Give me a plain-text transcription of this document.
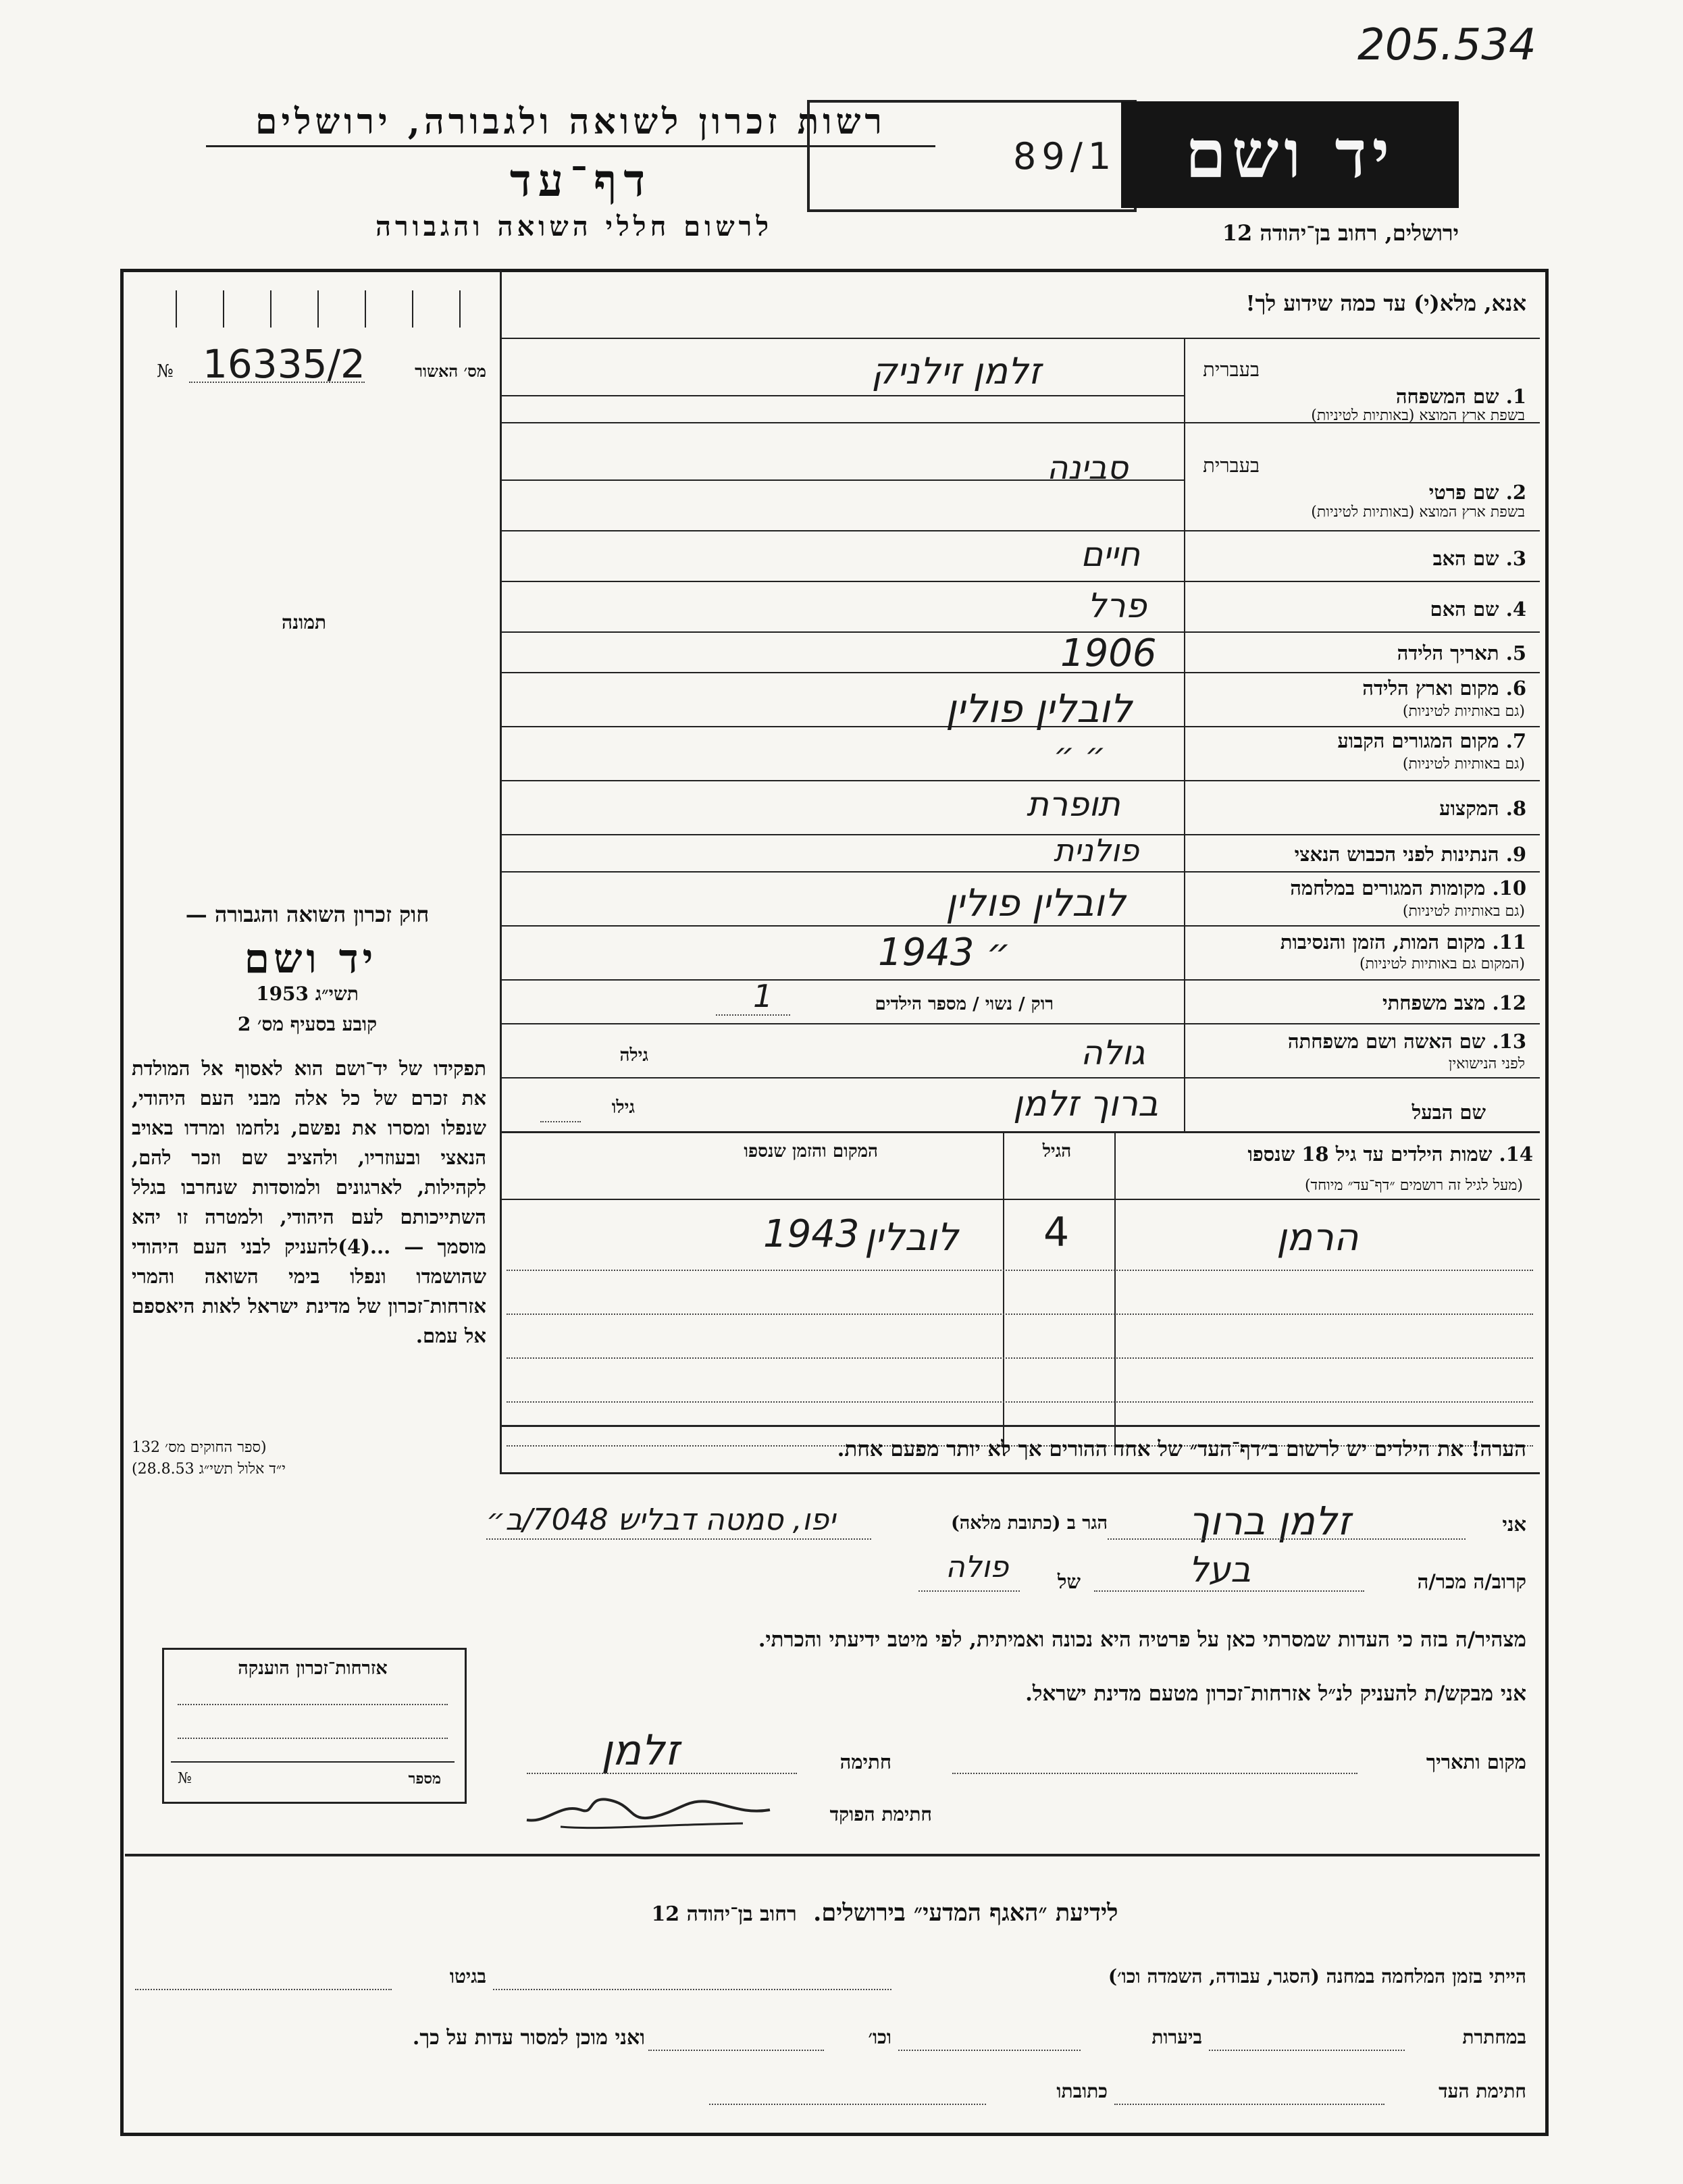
205.534
רשות זכרון לשואה ולגבורה, ירושלים
דף־עד
לרשום חללי השואה והגבורה
89/1	יד ושם
ירושלים, רחוב בן־יהודה 12
אנא, מלא(י) עד כמה שידוע לך!
מס׳ האשור
16335/2
№
תמונה
בעברית
1. שם המשפחה
בשפת ארץ המוצא (באותיות לטיניות)
זלמן זילניק
בעברית
2. שם פרטי
בשפת ארץ המוצא (באותיות לטיניות)
סבינה
3. שם האב
חיים
4. שם האם
פרל
5. תאריך הלידה
1906
6. מקום וארץ הלידה
(גם באותיות לטיניות)
לובלין פולין
7. מקום המגורים הקבוע
(גם באותיות לטיניות)
״ ״
8. המקצוע
תופרת
9. הנתינות לפני הכבוש הנאצי
פולנית
10. מקומות המגורים במלחמה
(גם באותיות לטיניות)
לובלין פולין
11. מקום המות, הזמן והנסיבות
(המקום גם באותיות לטיניות)
1943 ״
12. מצב משפחתי
רוק / נשוי / מספר הילדים
1
13. שם האשה ושם משפחתה
לפני הנישואין
גולה
גילה
שם הבעל
ברוך זלמן
גילו
חוק זכרון השואה והגבורה —
יד ושם
תשי״ג 1953
קובע בסעיף מס׳ 2
תפקידו של יד־ושם הוא לאסוף אל המולדת את זכרם של כל אלה מבני העם היהודי, שנפלו ומסרו את נפשם, נלחמו ומרדו באויב הנאצי ובעוזריו, ולהציב שם וזכר להם, לקהילות, לארגונים ולמוסדות שנחרבו בגלל השתייכותם לעם היהודי, ולמטרה זו יהא מוסמך — ...(4)להעניק לבני העם היהודי שהושמדו ונפלו בימי השואה והמרי אזרחות־זכרון של מדינת ישראל לאות היאספם אל עמם.
(ספר החוקים מס׳ 132
י״ד אלול תשי״ג 28.8.53)
14. שמות הילדים עד גיל 18 שנספו
(מעל לגיל זה רושמים ״דף־עד״ מיוחד)
הגיל
המקום והזמן שנספו
הרמן
4
לובלין
1943
הערה! את הילדים יש לרשום ב״דף־העד״ של אחד ההורים אך לא יותר מפעם אחת.
אני
זלמן ברוך
הגר ב (כתובת מלאה)
יפו, סמטה דבליש 7048/ב״
קרוב/ה מכר/ה
בעל
של
פולה
מצהיר/ה בזה כי העדות שמסרתי כאן על פרטיה היא נכונה ואמיתית, לפי מיטב ידיעתי והכרתי.
אני מבקש/ת להעניק לנ״ל אזרחות־זכרון מטעם מדינת ישראל.
מקום ותאריך
חתימה
זלמן
חתימת הפוקד
אזרחות־זכרון הוענקה
מספר
№
לידיעת ״האגף המדעי״ בירושלים.  רחוב בן־יהודה 12
הייתי בזמן המלחמה במחנה (הסגר, עבודה, השמדה וכו׳)
בגיטו
במחתרת
ביערות
וכו׳
ואני מוכן למסור עדות על כך.
חתימת העד
כתובתו
